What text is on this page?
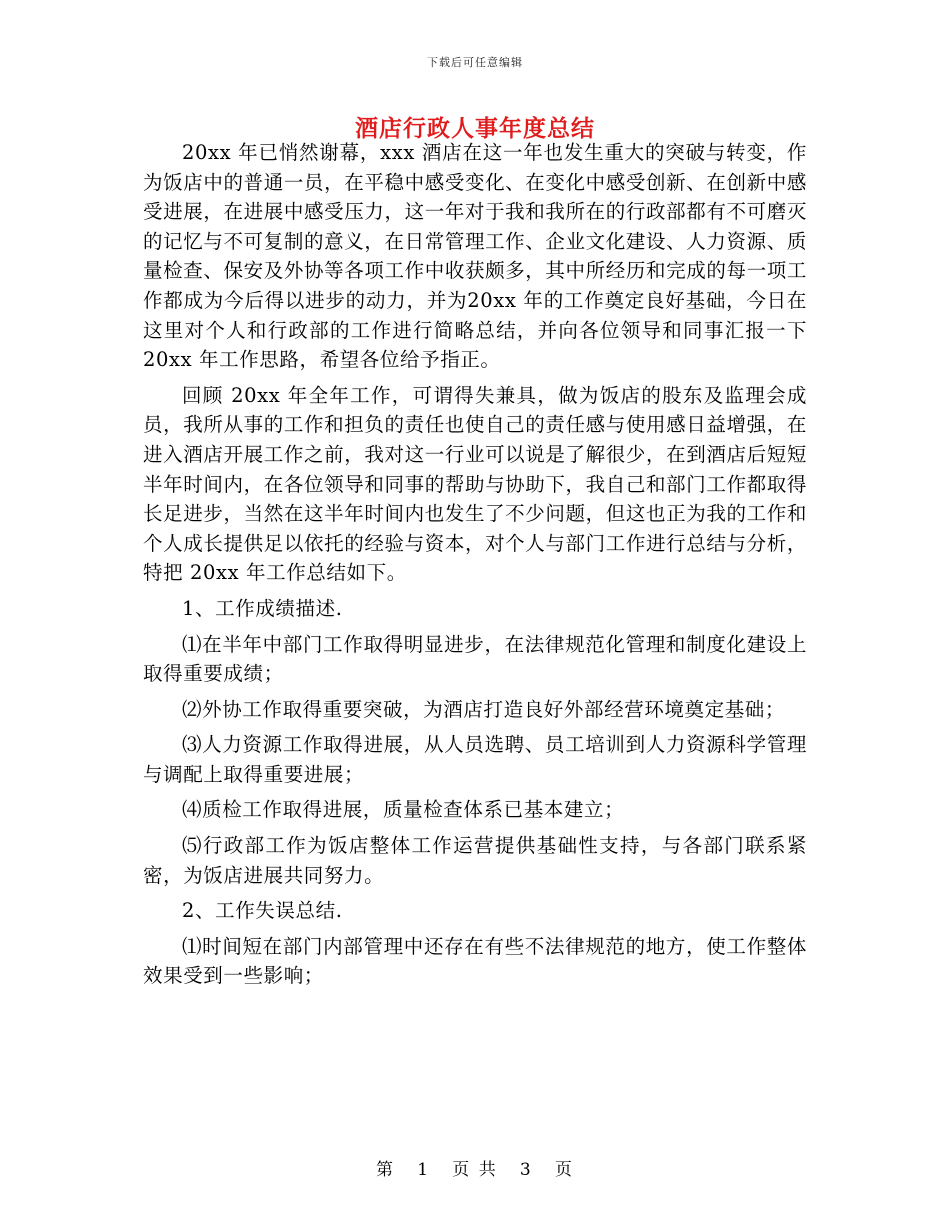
下载后可任意编辑
酒店行政人事年度总结

20xx 年已悄然谢幕，xxx 酒店在这一年也发生重大的突破与转变，作为饭店中的普通一员，在平稳中感受变化、在变化中感受创新、在创新中感受进展，在进展中感受压力，这一年对于我和我所在的行政部都有不可磨灭的记忆与不可复制的意义，在日常管理工作、企业文化建设、人力资源、质量检查、保安及外协等各项工作中收获颇多，其中所经历和完成的每一项工作都成为今后得以进步的动力，并为20xx 年的工作奠定良好基础，今日在这里对个人和行政部的工作进行简略总结，并向各位领导和同事汇报一下 20xx 年工作思路，希望各位给予指正。

回顾 20xx 年全年工作，可谓得失兼具，做为饭店的股东及监理会成员，我所从事的工作和担负的责任也使自己的责任感与使用感日益增强，在进入酒店开展工作之前，我对这一行业可以说是了解很少，在到酒店后短短半年时间内，在各位领导和同事的帮助与协助下，我自己和部门工作都取得长足进步，当然在这半年时间内也发生了不少问题，但这也正为我的工作和个人成长提供足以依托的经验与资本，对个人与部门工作进行总结与分析，特把 20xx 年工作总结如下。

1、工作成绩描述.

⑴在半年中部门工作取得明显进步，在法律规范化管理和制度化建设上取得重要成绩；

⑵外协工作取得重要突破，为酒店打造良好外部经营环境奠定基础；

⑶人力资源工作取得进展，从人员选聘、员工培训到人力资源科学管理与调配上取得重要进展；

⑷质检工作取得进展，质量检查体系已基本建立；

⑸行政部工作为饭店整体工作运营提供基础性支持，与各部门联系紧密，为饭店进展共同努力。

2、工作失误总结.

⑴时间短在部门内部管理中还存在有些不法律规范的地方，使工作整体效果受到一些影响；

第 1 页 共 3 页
